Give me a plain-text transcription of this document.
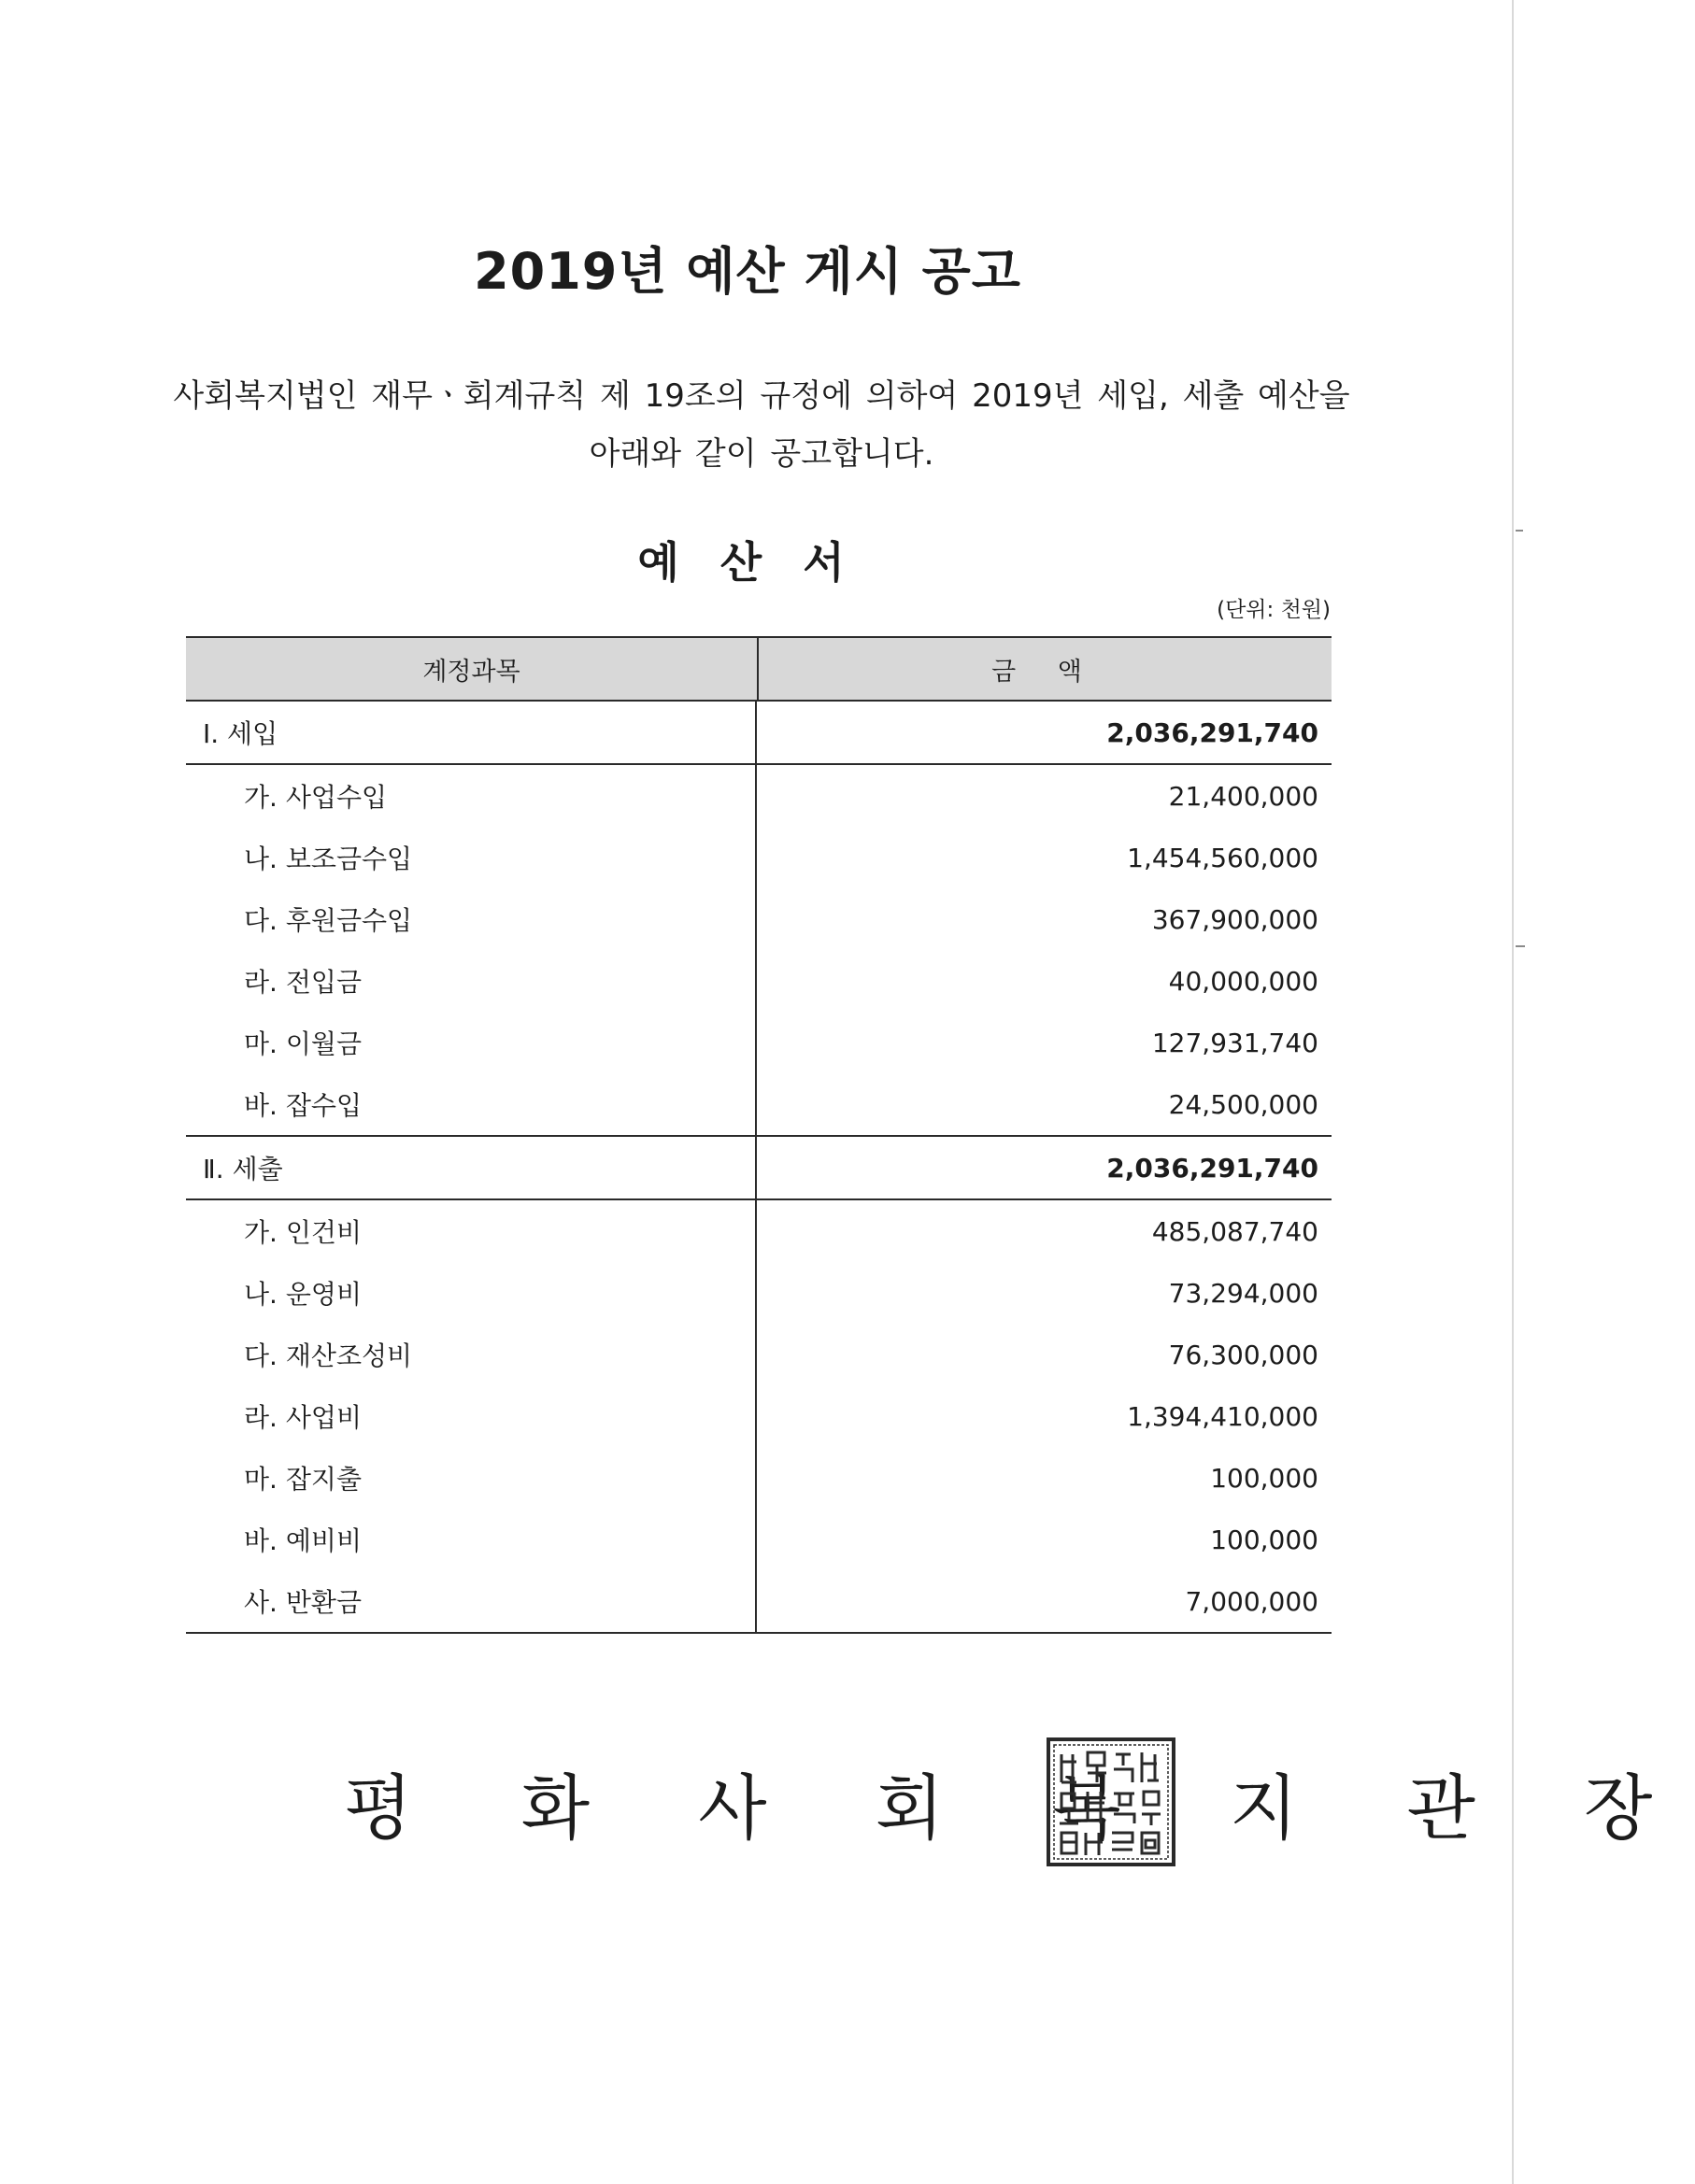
2019년 예산 게시 공고
사회복지법인 재무ㆍ회계규칙 제 19조의 규정에 의하여 2019년 세입, 세출 예산을
아래와 같이 공고합니다.
예 산 서
(단위: 천원)
계정과목	금 액
Ⅰ. 세입	2,036,291,740
가. 사업수입	21,400,000
나. 보조금수입	1,454,560,000
다. 후원금수입	367,900,000
라. 전입금	40,000,000
마. 이월금	127,931,740
바. 잡수입	24,500,000
Ⅱ. 세출	2,036,291,740
가. 인건비	485,087,740
나. 운영비	73,294,000
다. 재산조성비	76,300,000
라. 사업비	1,394,410,000
마. 잡지출	100,000
바. 예비비	100,000
사. 반환금	7,000,000
평 화 사 회 복 지 관 장
